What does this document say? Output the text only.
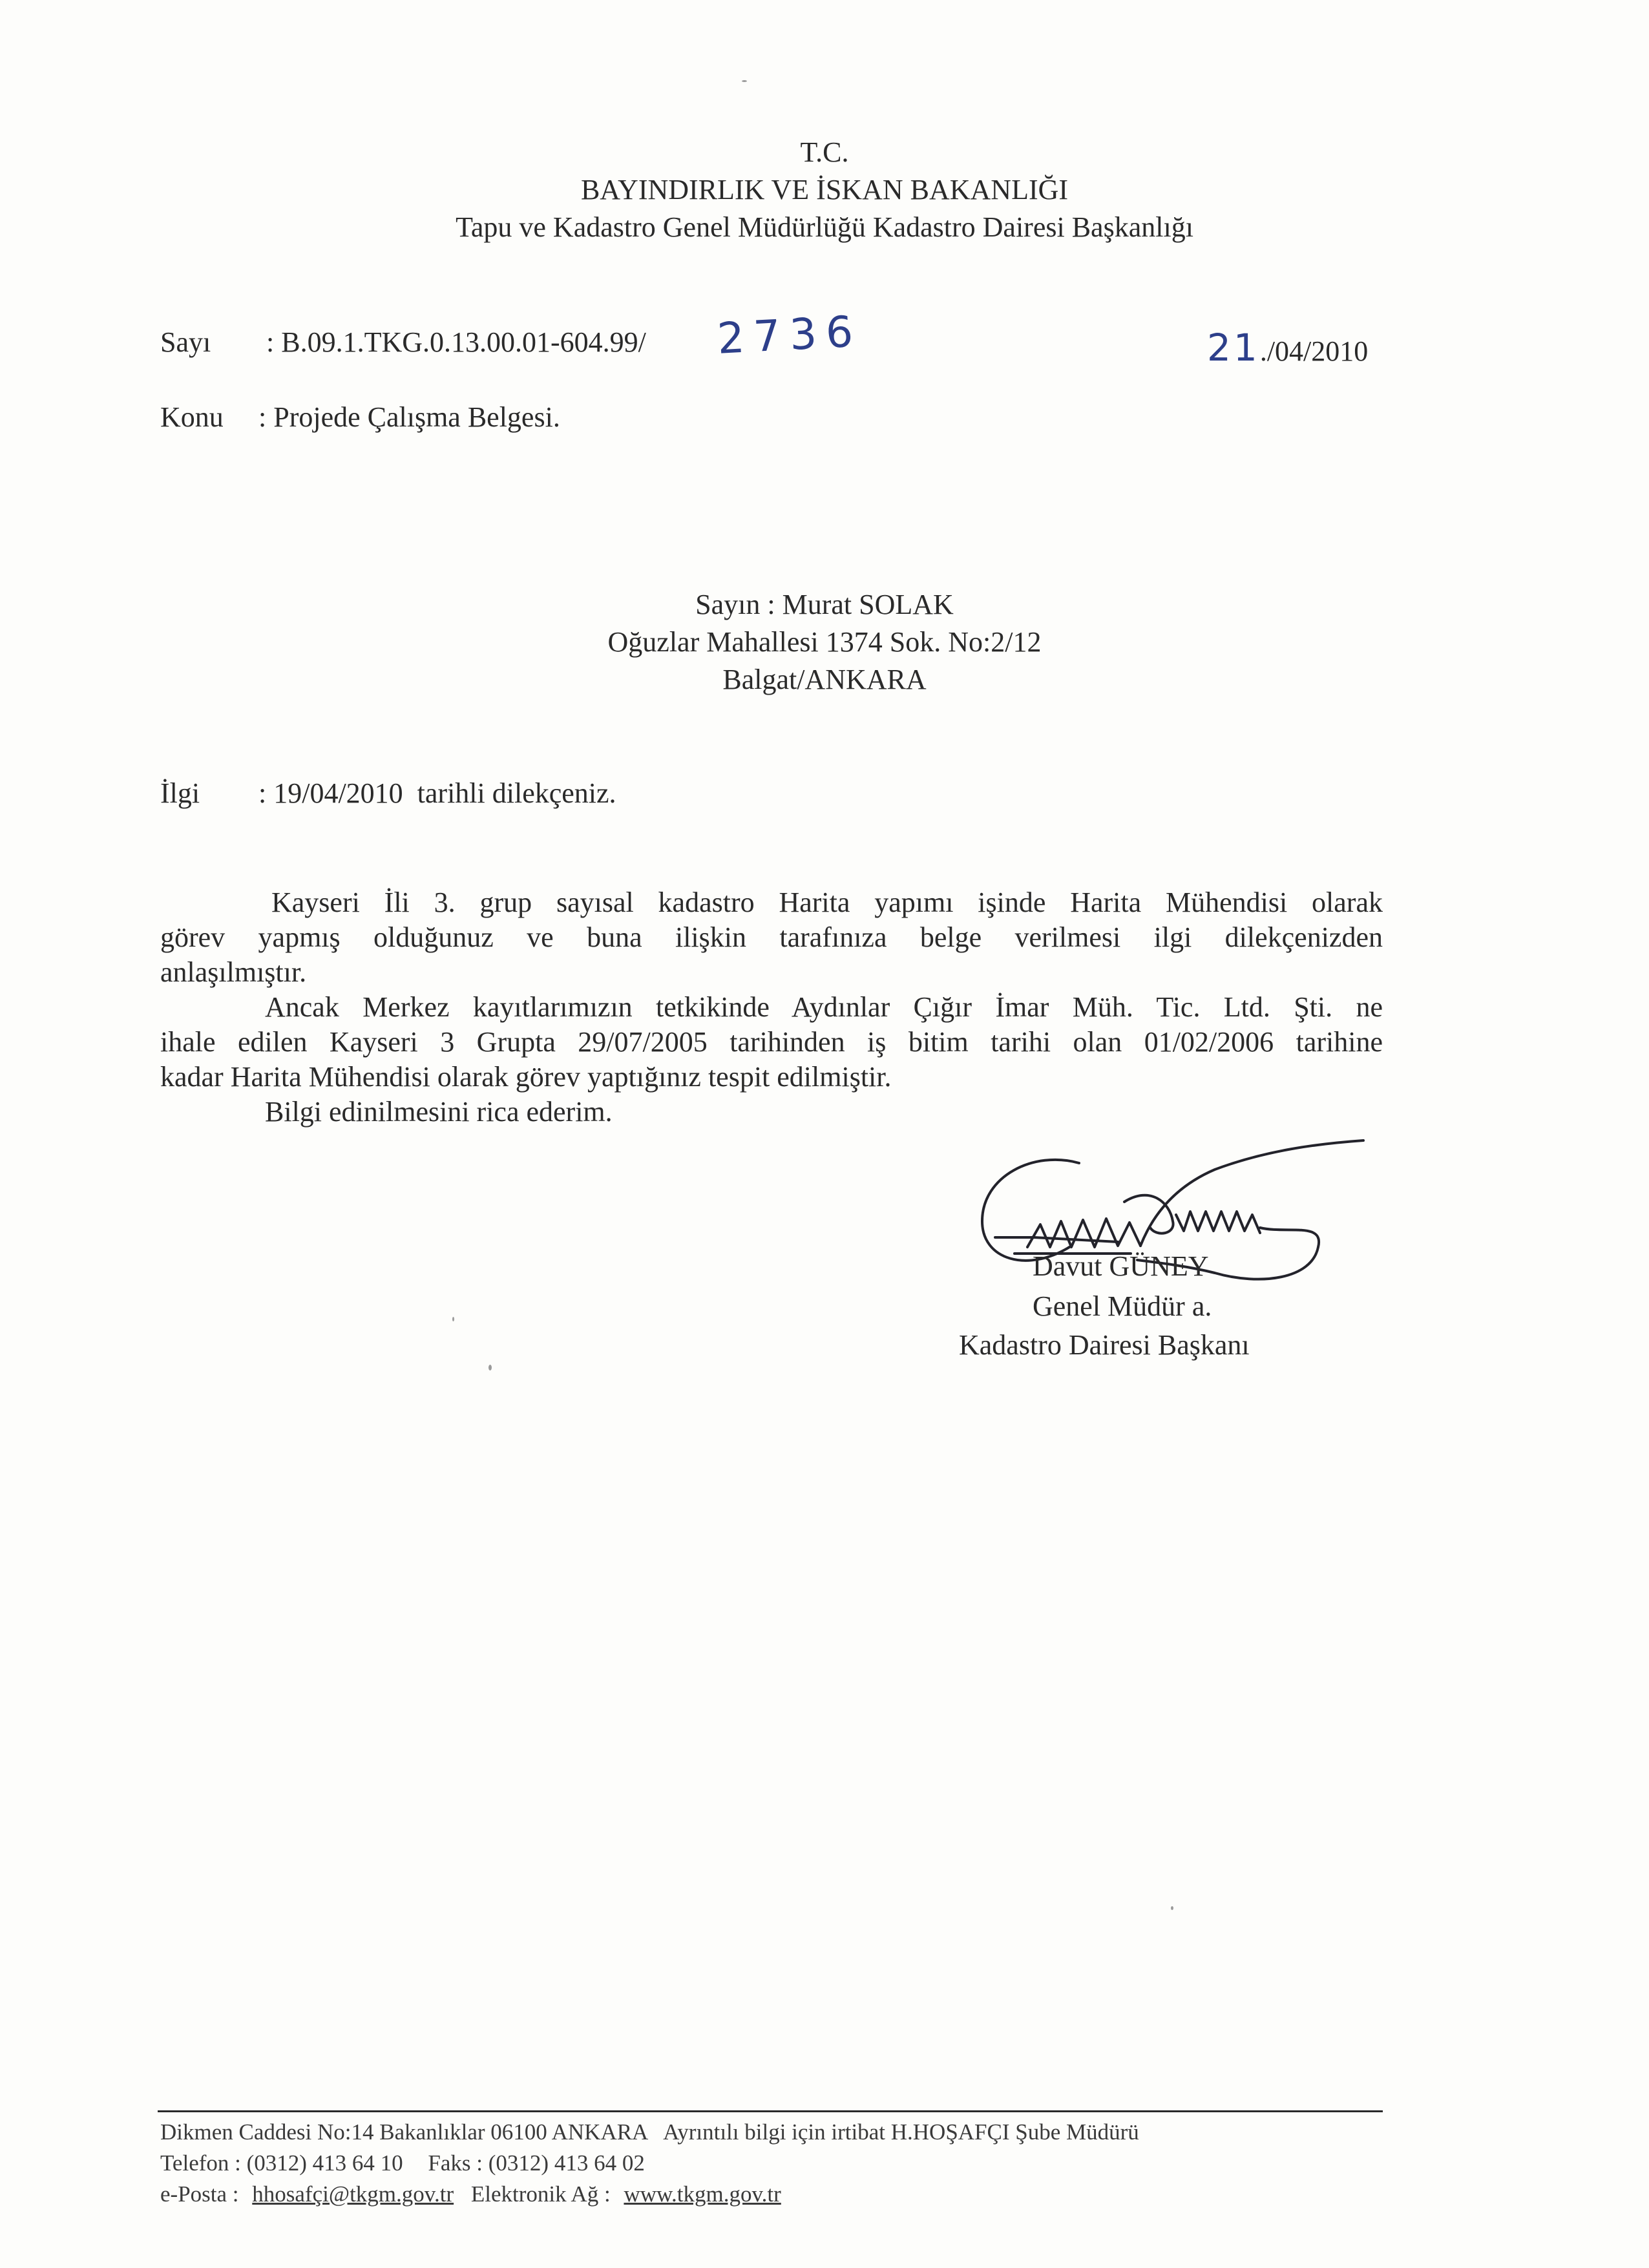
T.C.
BAYINDIRLIK VE İSKAN BAKANLIĞI
Tapu ve Kadastro Genel Müdürlüğü Kadastro Dairesi Başkanlığı
Sayı : B.09.1.TKG.0.13.00.01-604.99/ 2736	21./04/2010
Konu : Projede Çalışma Belgesi.
Sayın : Murat SOLAK
Oğuzlar Mahallesi 1374 Sok. No:2/12
Balgat/ANKARA
İlgi : 19/04/2010  tarihli dilekçeniz.
Kayseri İli 3. grup sayısal kadastro Harita yapımı işinde Harita Mühendisi olarak
görev yapmış olduğunuz ve buna ilişkin tarafınıza belge verilmesi ilgi dilekçenizden
anlaşılmıştır.
Ancak Merkez kayıtlarımızın tetkikinde Aydınlar Çığır İmar Müh. Tic. Ltd. Şti. ne
ihale edilen Kayseri 3 Grupta 29/07/2005 tarihinden iş bitim tarihi olan 01/02/2006 tarihine
kadar Harita Mühendisi olarak görev yaptığınız tespit edilmiştir.
Bilgi edinilmesini rica ederim.
Davut GÜNEY
Genel Müdür a.
Kadastro Dairesi Başkanı
Dikmen Caddesi No:14 Bakanlıklar 06100 ANKARA Ayrıntılı bilgi için irtibat H.HOŞAFÇI Şube Müdürü
Telefon : (0312) 413 64 10 Faks : (0312) 413 64 02
e-Posta : hhosafçi@tkgm.gov.tr Elektronik Ağ : www.tkgm.gov.tr
